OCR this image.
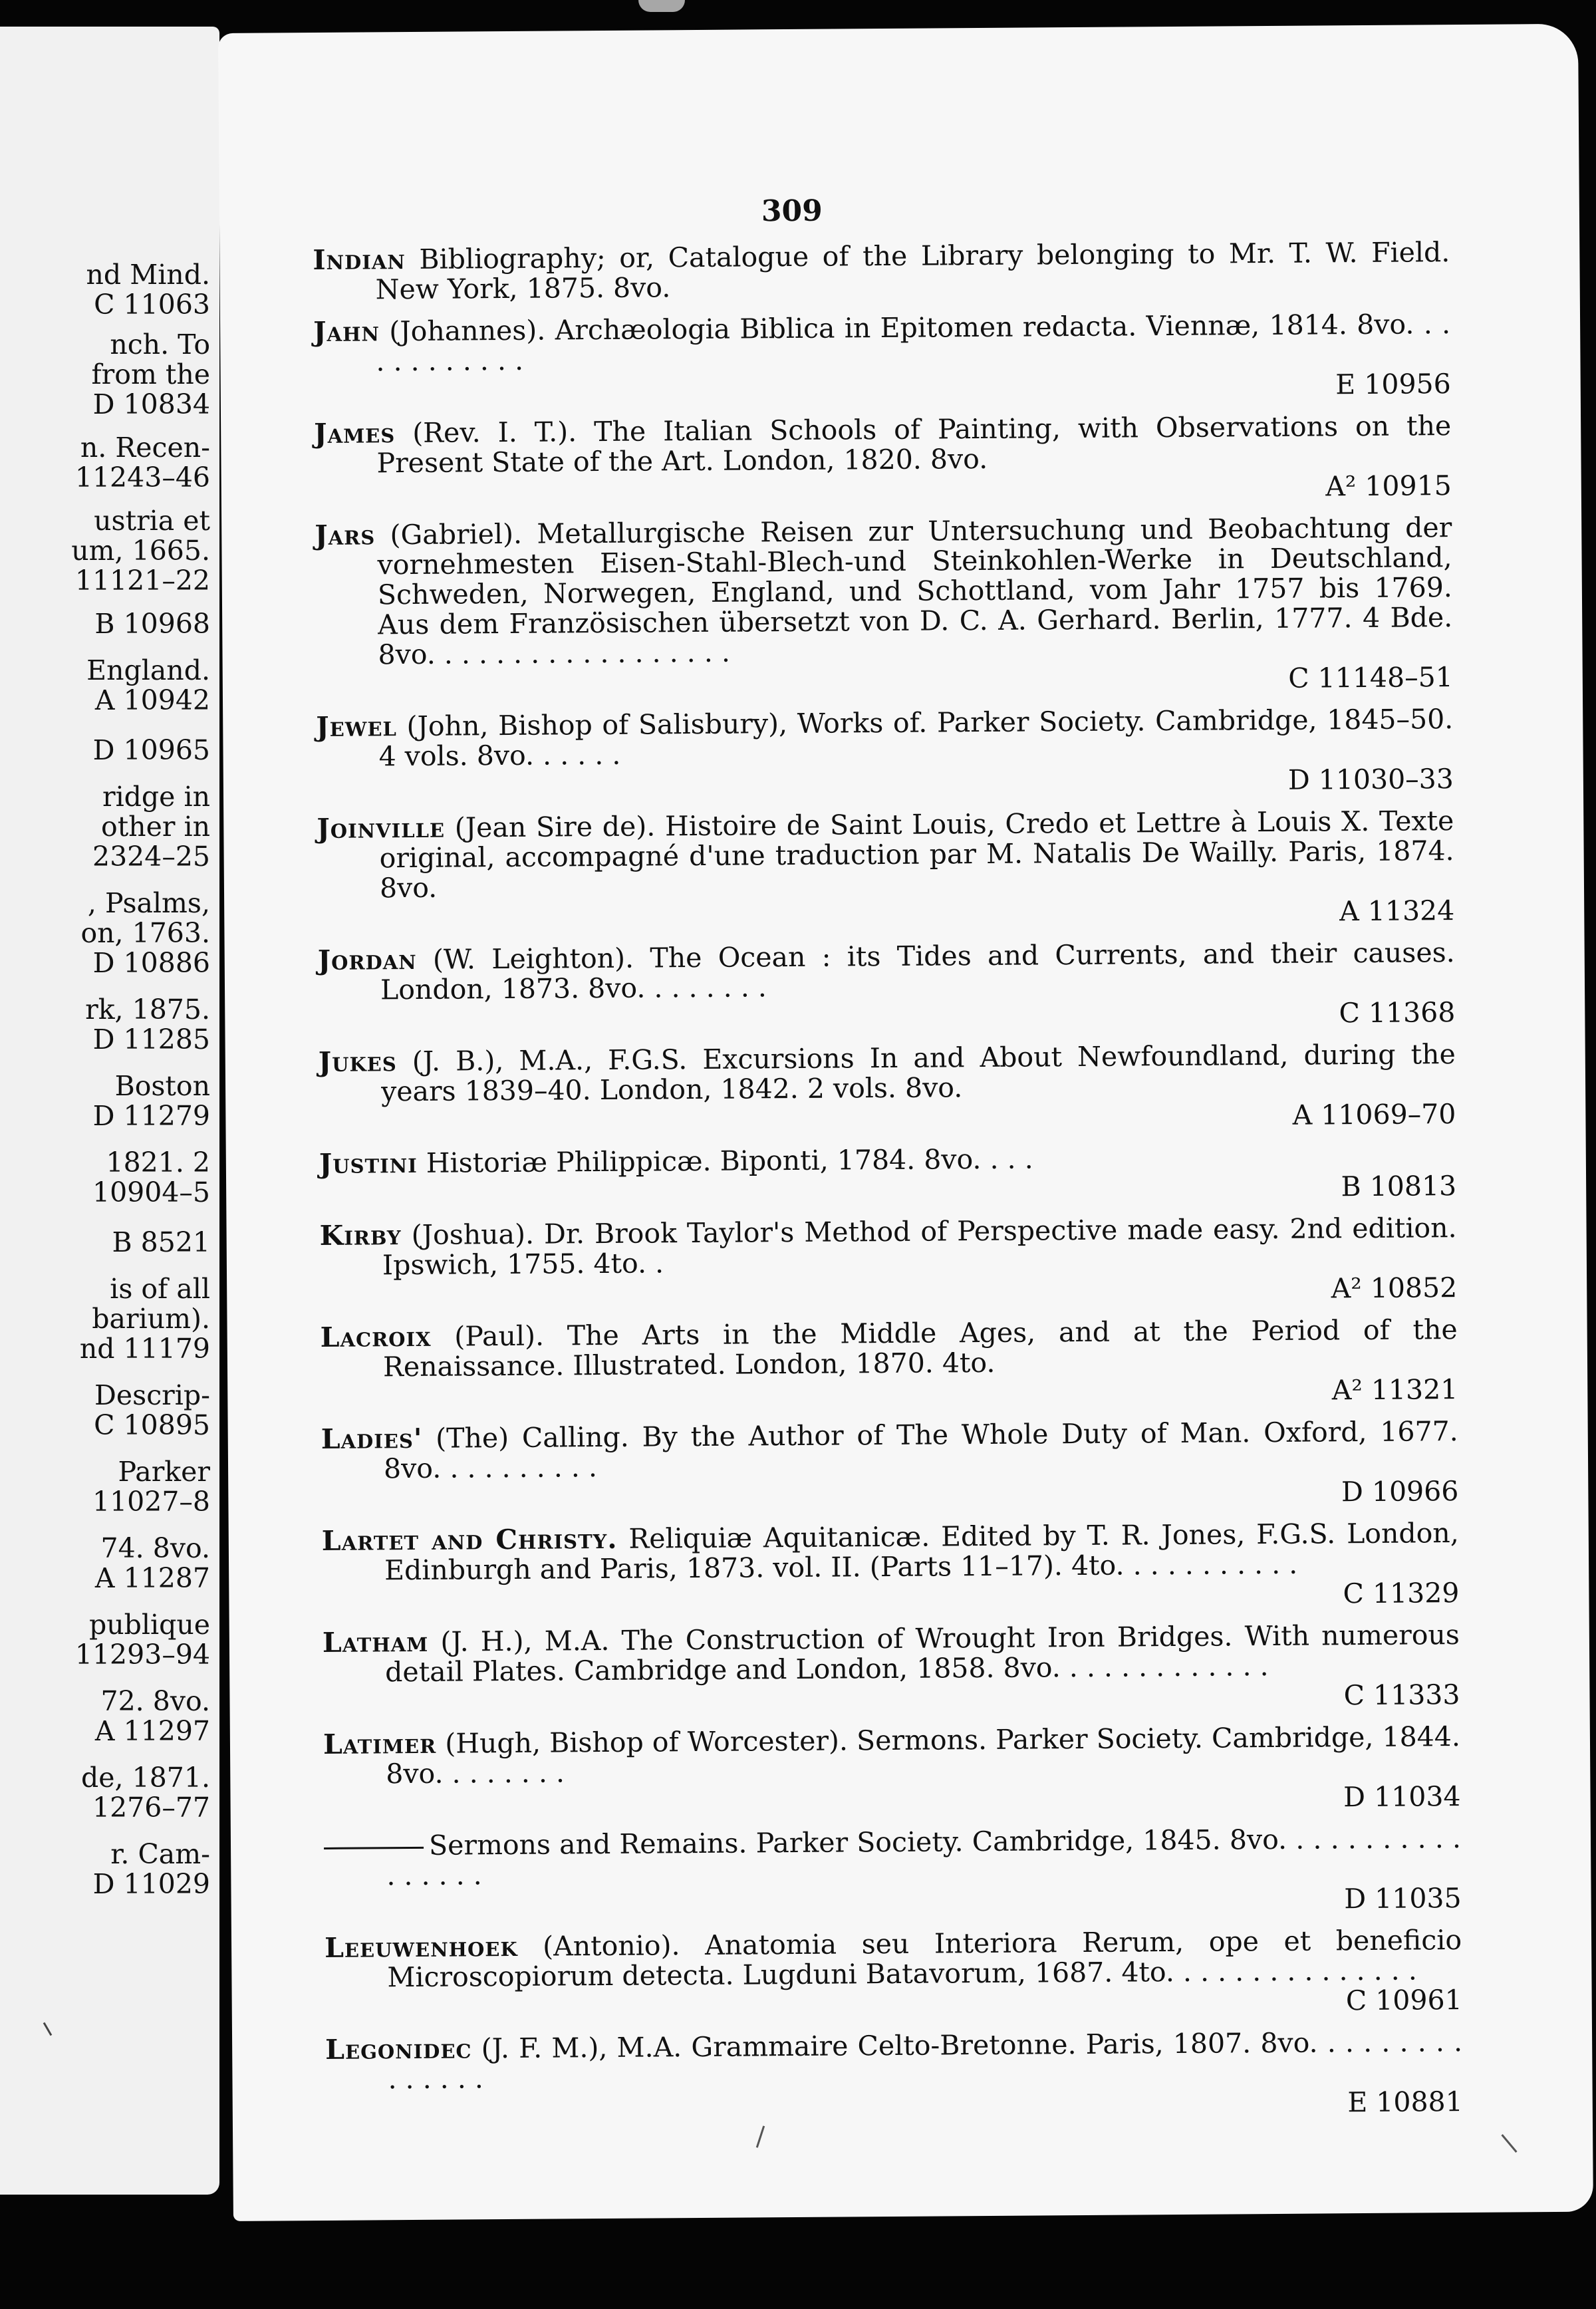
nd Mind.
C 11063
nch. To
from the
D 10834
n. Recen-
11243–46
ustria et
um, 1665.
11121–22
B 10968
England.
A 10942
D 10965
ridge in
other in
2324–25
, Psalms,
on, 1763.
D 10886
rk, 1875.
D 11285
Boston
D 11279
1821. 2
10904–5
B 8521
is of all
barium).
nd 11179
Descrip-
C 10895
Parker
11027–8
74. 8vo.
A 11287
publique
11293–94
72. 8vo.
A 11297
de, 1871.
1276–77
r. Cam-
D 11029
309
Indian Bibliography; or, Catalogue of the Library belonging to Mr. T. W. Field. New York, 1875. 8vo.
Jahn (Johannes). Archæologia Biblica in Epitomen redacta. Viennæ, 1814. 8vo. . . . . . . . . . . .
E 10956
James (Rev. I. T.). The Italian Schools of Painting, with Observations on the Present State of the Art. London, 1820. 8vo.
A² 10915
Jars (Gabriel). Metallurgische Reisen zur Untersuchung und Beobachtung der vornehmesten Eisen-Stahl-Blech-und Steinkohlen-Werke in Deutschland, Schweden, Norwegen, England, und Schottland, vom Jahr 1757 bis 1769. Aus dem Französischen übersetzt von D. C. A. Gerhard. Berlin, 1777. 4 Bde. 8vo. . . . . . . . . . . . . . . . . .
C 11148–51
Jewel (John, Bishop of Salisbury), Works of. Parker Society. Cambridge, 1845–50. 4 vols. 8vo. . . . . .
D 11030–33
Joinville (Jean Sire de). Histoire de Saint Louis, Credo et Lettre à Louis X. Texte original, accompagné d'une traduction par M. Natalis De Wailly. Paris, 1874. 8vo.
A 11324
Jordan (W. Leighton). The Ocean : its Tides and Currents, and their causes. London, 1873. 8vo. . . . . . . .
C 11368
Jukes (J. B.), M.A., F.G.S. Excursions In and About Newfoundland, during the years 1839–40. London, 1842. 2 vols. 8vo.
A 11069–70
Justini Historiæ Philippicæ. Biponti, 1784. 8vo. . . .
B 10813
Kirby (Joshua). Dr. Brook Taylor's Method of Perspective made easy. 2nd edition. Ipswich, 1755. 4to. .
A² 10852
Lacroix (Paul). The Arts in the Middle Ages, and at the Period of the Renaissance. Illustrated. London, 1870. 4to.
A² 11321
Ladies' (The) Calling. By the Author of The Whole Duty of Man. Oxford, 1677. 8vo. . . . . . . . . .
D 10966
Lartet and Christy. Reliquiæ Aquitanicæ. Edited by T. R. Jones, F.G.S. London, Edinburgh and Paris, 1873. vol. II. (Parts 11–17). 4to. . . . . . . . . . .
C 11329
Latham (J. H.), M.A. The Construction of Wrought Iron Bridges. With numerous detail Plates. Cambridge and London, 1858. 8vo. . . . . . . . . . . . .
C 11333
Latimer (Hugh, Bishop of Worcester). Sermons. Parker Society. Cambridge, 1844. 8vo. . . . . . . .
D 11034
Sermons and Remains. Parker Society. Cambridge, 1845. 8vo. . . . . . . . . . . . . . . . .
D 11035
Leeuwenhoek (Antonio). Anatomia seu Interiora Rerum, ope et beneficio Microscopiorum detecta. Lugduni Batavorum, 1687. 4to. . . . . . . . . . . . . . .
C 10961
Legonidec (J. F. M.), M.A. Grammaire Celto-Bretonne. Paris, 1807. 8vo. . . . . . . . . . . . . . .
E 10881
